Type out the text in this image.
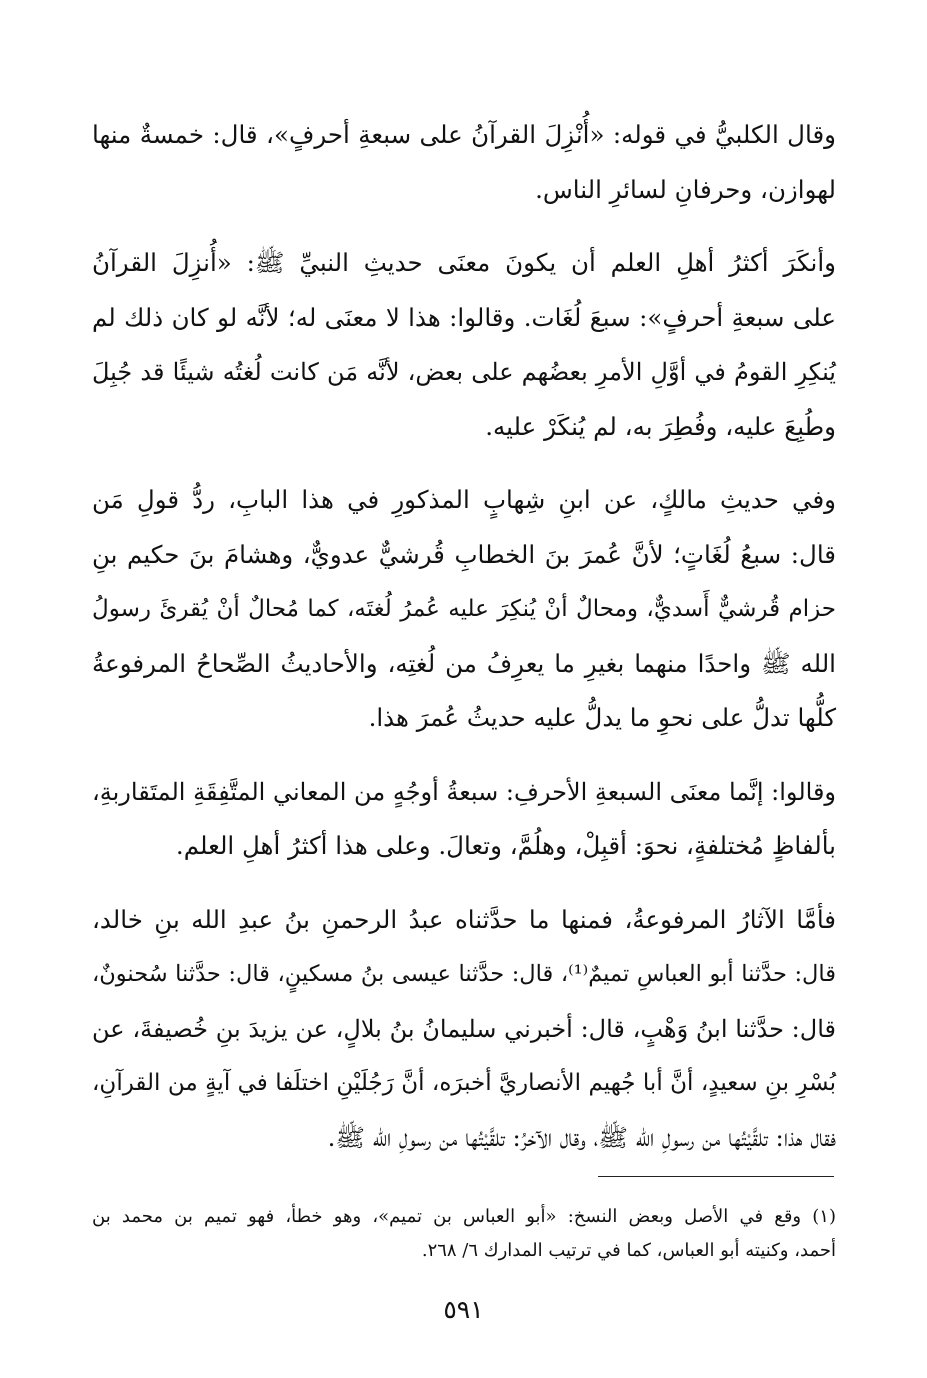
وقال الكلبيُّ في قوله: «أُنْزِلَ القرآنُ على سبعةِ أحرفٍ»، قال: خمسةٌ منها
لهوازن، وحرفانِ لسائرِ الناس.
وأنكَرَ أكثرُ أهلِ العلم أن يكونَ معنَى حديثِ النبيِّ ﷺ: «أُنزِلَ القرآنُ
على سبعةِ أحرفٍ»: سبعَ لُغَات. وقالوا: هذا لا معنَى له؛ لأنَّه لو كان ذلك لم
يُنكِرِ القومُ في أوَّلِ الأمرِ بعضُهم على بعض، لأنَّه مَن كانت لُغتُه شيئًا قد جُبِلَ
وطُبِعَ عليه، وفُطِرَ به، لم يُنكَرْ عليه.
وفي حديثِ مالكٍ، عن ابنِ شِهابٍ المذكورِ في هذا البابِ، ردُّ قولِ مَن
قال: سبعُ لُغَاتٍ؛ لأنَّ عُمرَ بنَ الخطابِ قُرشيٌّ عدويٌّ، وهشامَ بنَ حكيم بنِ
حزام قُرشيٌّ أَسديٌّ، ومحالٌ أنْ يُنكِرَ عليه عُمرُ لُغتَه، كما مُحالٌ أنْ يُقرئَ رسولُ
الله ﷺ واحدًا منهما بغيرِ ما يعرِفُ من لُغتِه، والأحاديثُ الصِّحاحُ المرفوعةُ
كلُّها تدلُّ على نحوِ ما يدلُّ عليه حديثُ عُمرَ هذا.
وقالوا: إنَّما معنَى السبعةِ الأحرفِ: سبعةُ أوجُهٍ من المعاني المتَّفِقَةِ المتَقاربةِ،
بألفاظٍ مُختلفةٍ، نحوَ: أقبِلْ، وهلُمَّ، وتعالَ. وعلى هذا أكثرُ أهلِ العلم.
فأمَّا الآثارُ المرفوعةُ، فمنها ما حدَّثناه عبدُ الرحمنِ بنُ عبدِ الله بنِ خالد،
قال: حدَّثنا أبو العباسِ تميمٌ⁽¹⁾، قال: حدَّثنا عيسى بنُ مسكينٍ، قال: حدَّثنا سُحنونٌ،
قال: حدَّثنا ابنُ وَهْبٍ، قال: أخبرني سليمانُ بنُ بلالٍ، عن يزيدَ بنِ خُصيفةَ، عن
بُسْرِ بنِ سعيدٍ، أنَّ أبا جُهيم الأنصاريَّ أخبرَه، أنَّ رَجُلَيْنِ اختلَفا في آيةٍ من القرآنِ،
فقال هذا: تلقَّيْتُها من رسولِ الله ﷺ، وقال الآخرُ: تلقَّيْتُها من رسولِ الله ﷺ.
(١) وقع في الأصل وبعض النسخ: «أبو العباس بن تميم»، وهو خطأ، فهو تميم بن محمد بن
أحمد، وكنيته أبو العباس، كما في ترتيب المدارك ٦/ ٢٦٨.
٥٩١
